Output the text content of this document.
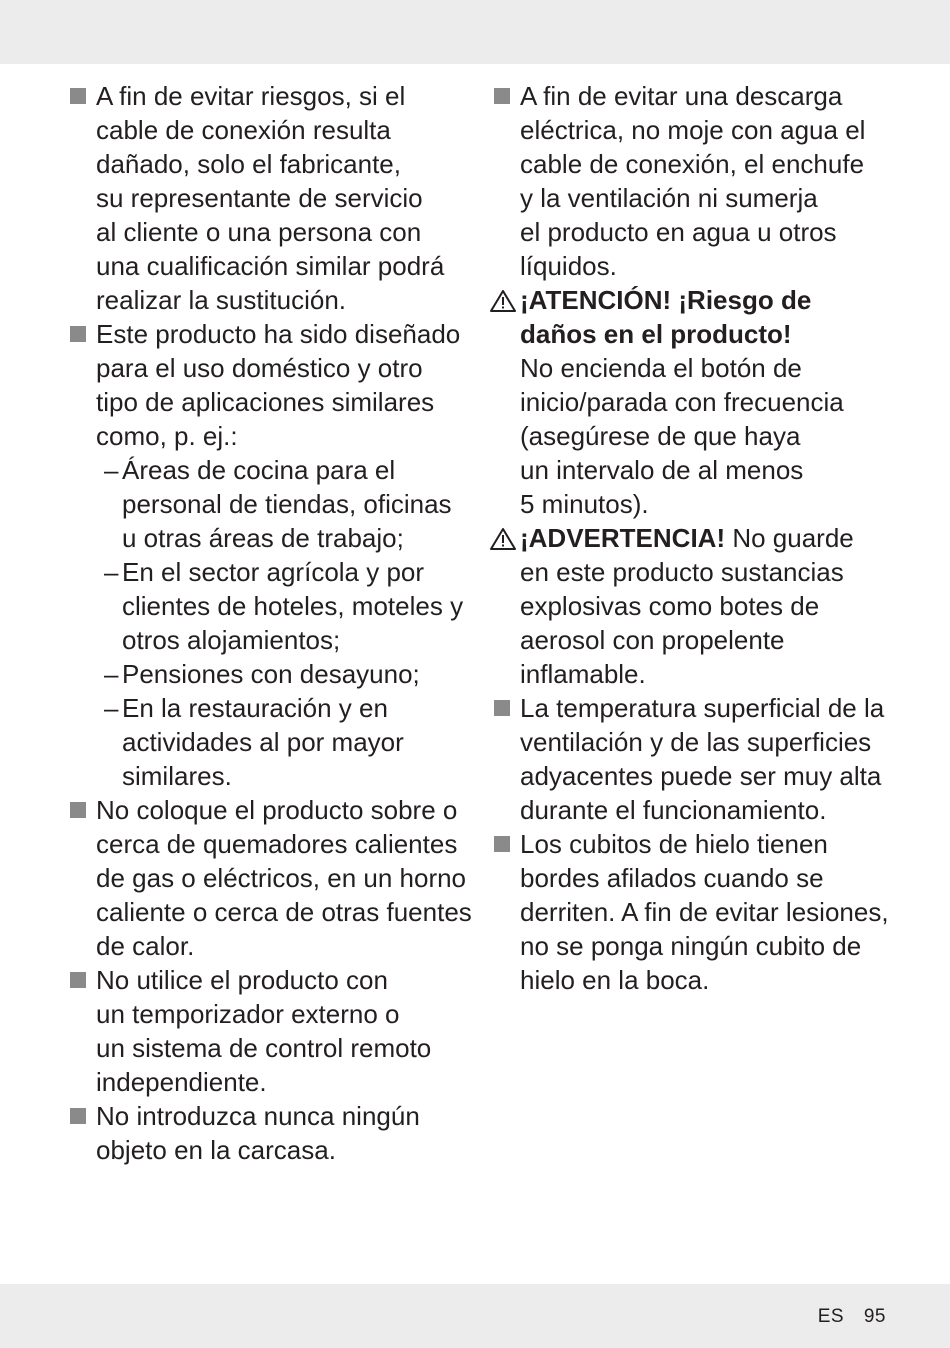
A fin de evitar riesgos, si el
cable de conexión resulta
dañado, solo el fabricante,
su representante de servicio
al cliente o una persona con
una cualificación similar podrá
realizar la sustitución.
Este producto ha sido diseñado
para el uso doméstico y otro
tipo de aplicaciones similares
como, p. ej.:
– Áreas de cocina para el
personal de tiendas, oficinas
u otras áreas de trabajo;
– En el sector agrícola y por
clientes de hoteles, moteles y
otros alojamientos;
– Pensiones con desayuno;
– En la restauración y en
actividades al por mayor
similares.
No coloque el producto sobre o
cerca de quemadores calientes
de gas o eléctricos, en un horno
caliente o cerca de otras fuentes
de calor.
No utilice el producto con
un temporizador externo o
un sistema de control remoto
independiente.
No introduzca nunca ningún
objeto en la carcasa.
A fin de evitar una descarga
eléctrica, no moje con agua el
cable de conexión, el enchufe
y la ventilación ni sumerja
el producto en agua u otros
líquidos.
¡ATENCIÓN! ¡Riesgo de
daños en el producto!
No encienda el botón de
inicio/parada con frecuencia
(asegúrese de que haya
un intervalo de al menos
5 minutos).
¡ADVERTENCIA! No guarde
en este producto sustancias
explosivas como botes de
aerosol con propelente
inflamable.
La temperatura superficial de la
ventilación y de las superficies
adyacentes puede ser muy alta
durante el funcionamiento.
Los cubitos de hielo tienen
bordes afilados cuando se
derriten. A fin de evitar lesiones,
no se ponga ningún cubito de
hielo en la boca.
ES 95
